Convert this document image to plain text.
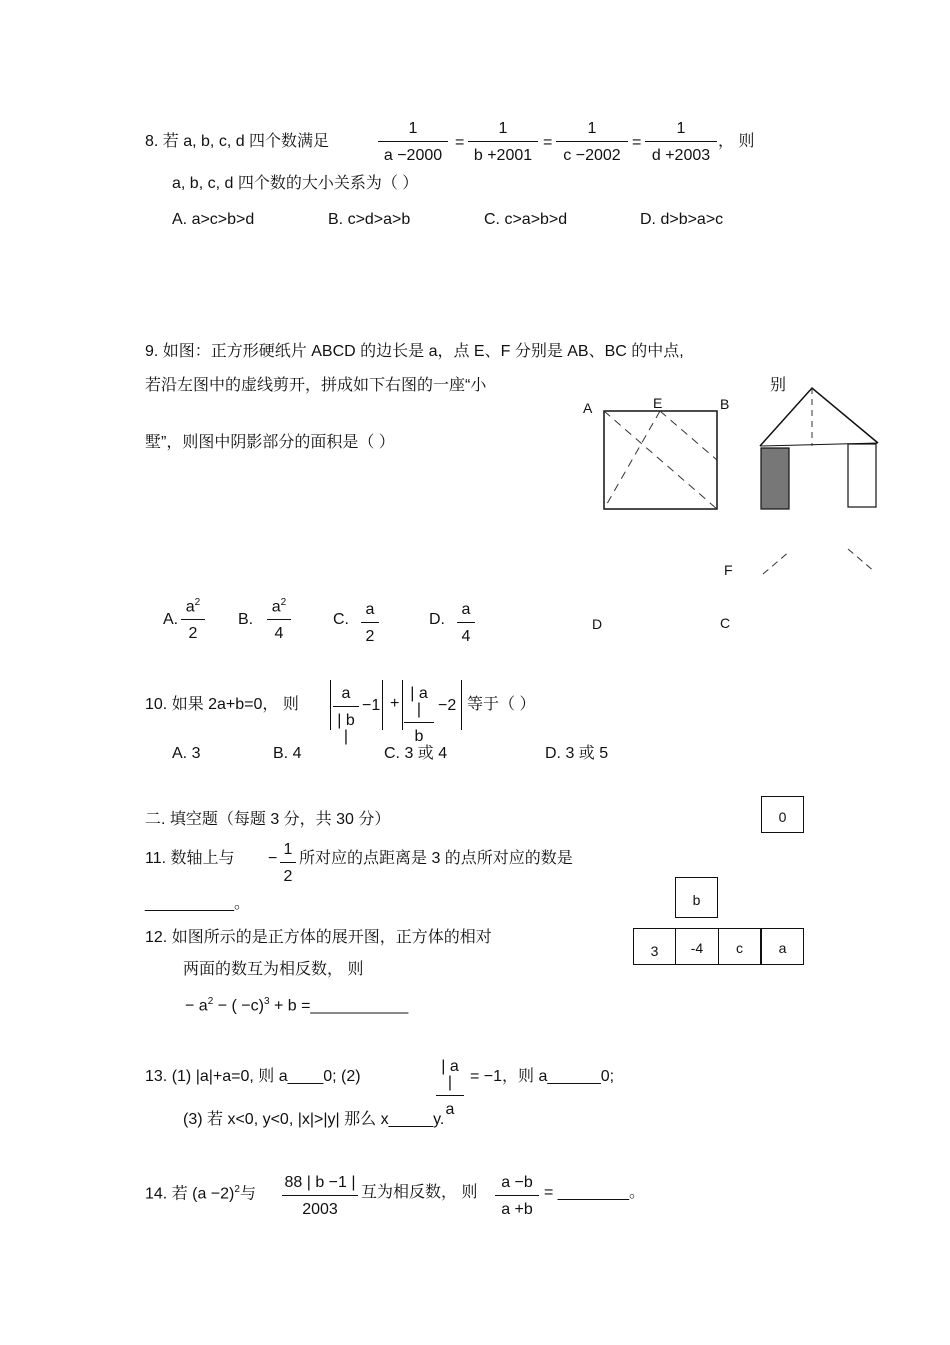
8. 若 a, b, c, d 四个数满足
1
a −2000
=
1
b +2001
=
1
c −2002
=
1
d +2003
， 则
a, b, c, d 四个数的大小关系为（ ）
A. a>c>b>d	B. c>d>a>b	C. c>a>b>d	D. d>b>a>c
9. 如图：正方形硬纸片 ABCD 的边长是 a，点 E、F 分别是 AB、BC 的中点,
若沿左图中的虚线剪开，拼成如下右图的一座“小	别
墅”，则图中阴影部分的面积是（ ）
A	E	B
F
D	C
A.
$a^2$
2
B.
$a^2$
4
C.
a
2
D.
a
4
10. 如果 2a+b=0， 则
a
| b |
−1 +
| a |
b
−2 等于（ ）
A. 3	B. 4	C. 3 或 4	D. 3 或 5
二. 填空题（每题 3 分，共 30 分）
11. 数轴上与 −
1
2
所对应的点距离是 3 的点所对应的数是
__________。
12. 如图所示的是正方体的展开图，正方体的相对
两面的数互为相反数， 则
− $a^2$ − ( −c)$^3$ + b =___________
0
b
3	-4	c	a
13. (1) |a|+a=0, 则 a____0; (2)
| a |
a
= −1，则 a______0;
(3) 若 x<0, y<0, |x|>|y| 那么 x_____y.
14. 若 $(a -2)^2$与
88 | b −1 |
2003
互为相反数， 则
a −b
a +b
= ________。
